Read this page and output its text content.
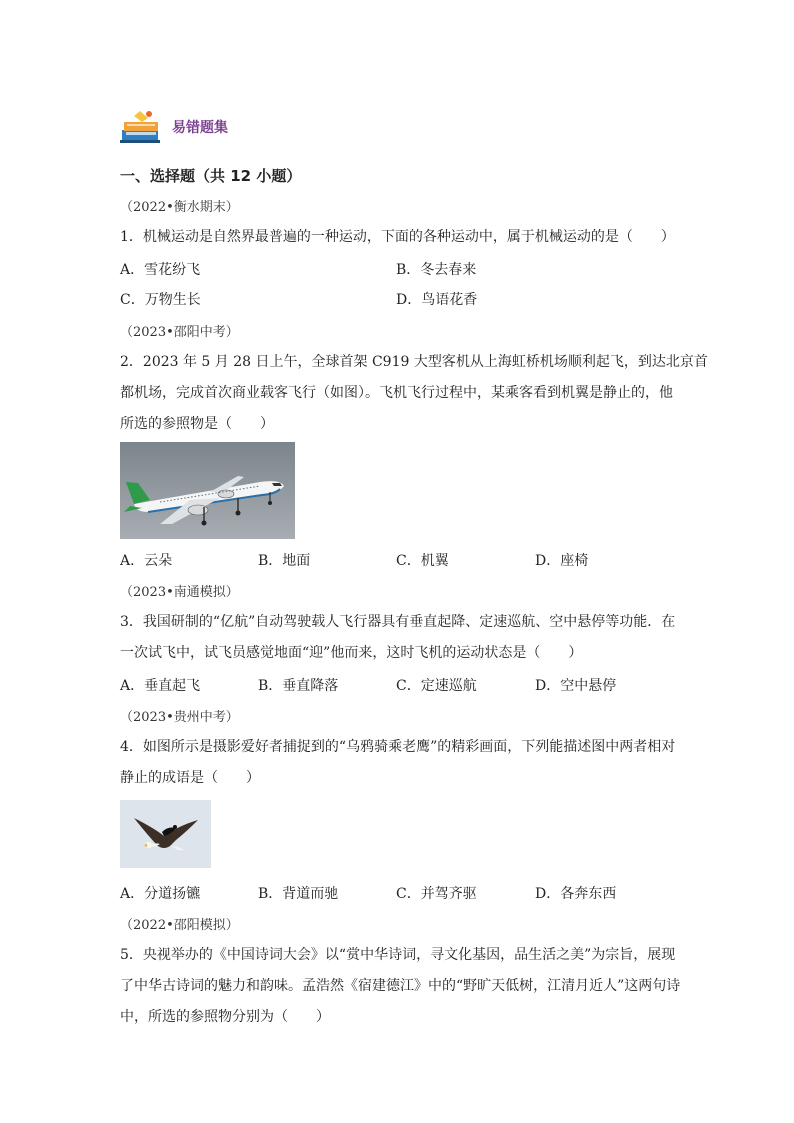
易错题集
一、选择题（共 12 小题）
（2022•衡水期末）
1．机械运动是自然界最普遍的一种运动，下面的各种运动中，属于机械运动的是（　　）
A．雪花纷飞	B．冬去春来
C．万物生长	D．鸟语花香
（2023•邵阳中考）
2．2023 年 5 月 28 日上午，全球首架 C919 大型客机从上海虹桥机场顺利起飞，到达北京首
都机场，完成首次商业载客飞行（如图）。飞机飞行过程中，某乘客看到机翼是静止的，他
所选的参照物是（　　）
A．云朵	B．地面	C．机翼	D．座椅
（2023•南通模拟）
3．我国研制的“亿航”自动驾驶载人飞行器具有垂直起降、定速巡航、空中悬停等功能．在
一次试飞中，试飞员感觉地面“迎”他而来，这时飞机的运动状态是（　　）
A．垂直起飞	B．垂直降落	C．定速巡航	D．空中悬停
（2023•贵州中考）
4．如图所示是摄影爱好者捕捉到的“乌鸦骑乘老鹰”的精彩画面，下列能描述图中两者相对
静止的成语是（　　）
A．分道扬镳	B．背道而驰	C．并驾齐驱	D．各奔东西
（2022•邵阳模拟）
5．央视举办的《中国诗词大会》以“赏中华诗词，寻文化基因，品生活之美”为宗旨，展现
了中华古诗词的魅力和韵味。孟浩然《宿建德江》中的“野旷天低树，江清月近人”这两句诗
中，所选的参照物分别为（　　）
